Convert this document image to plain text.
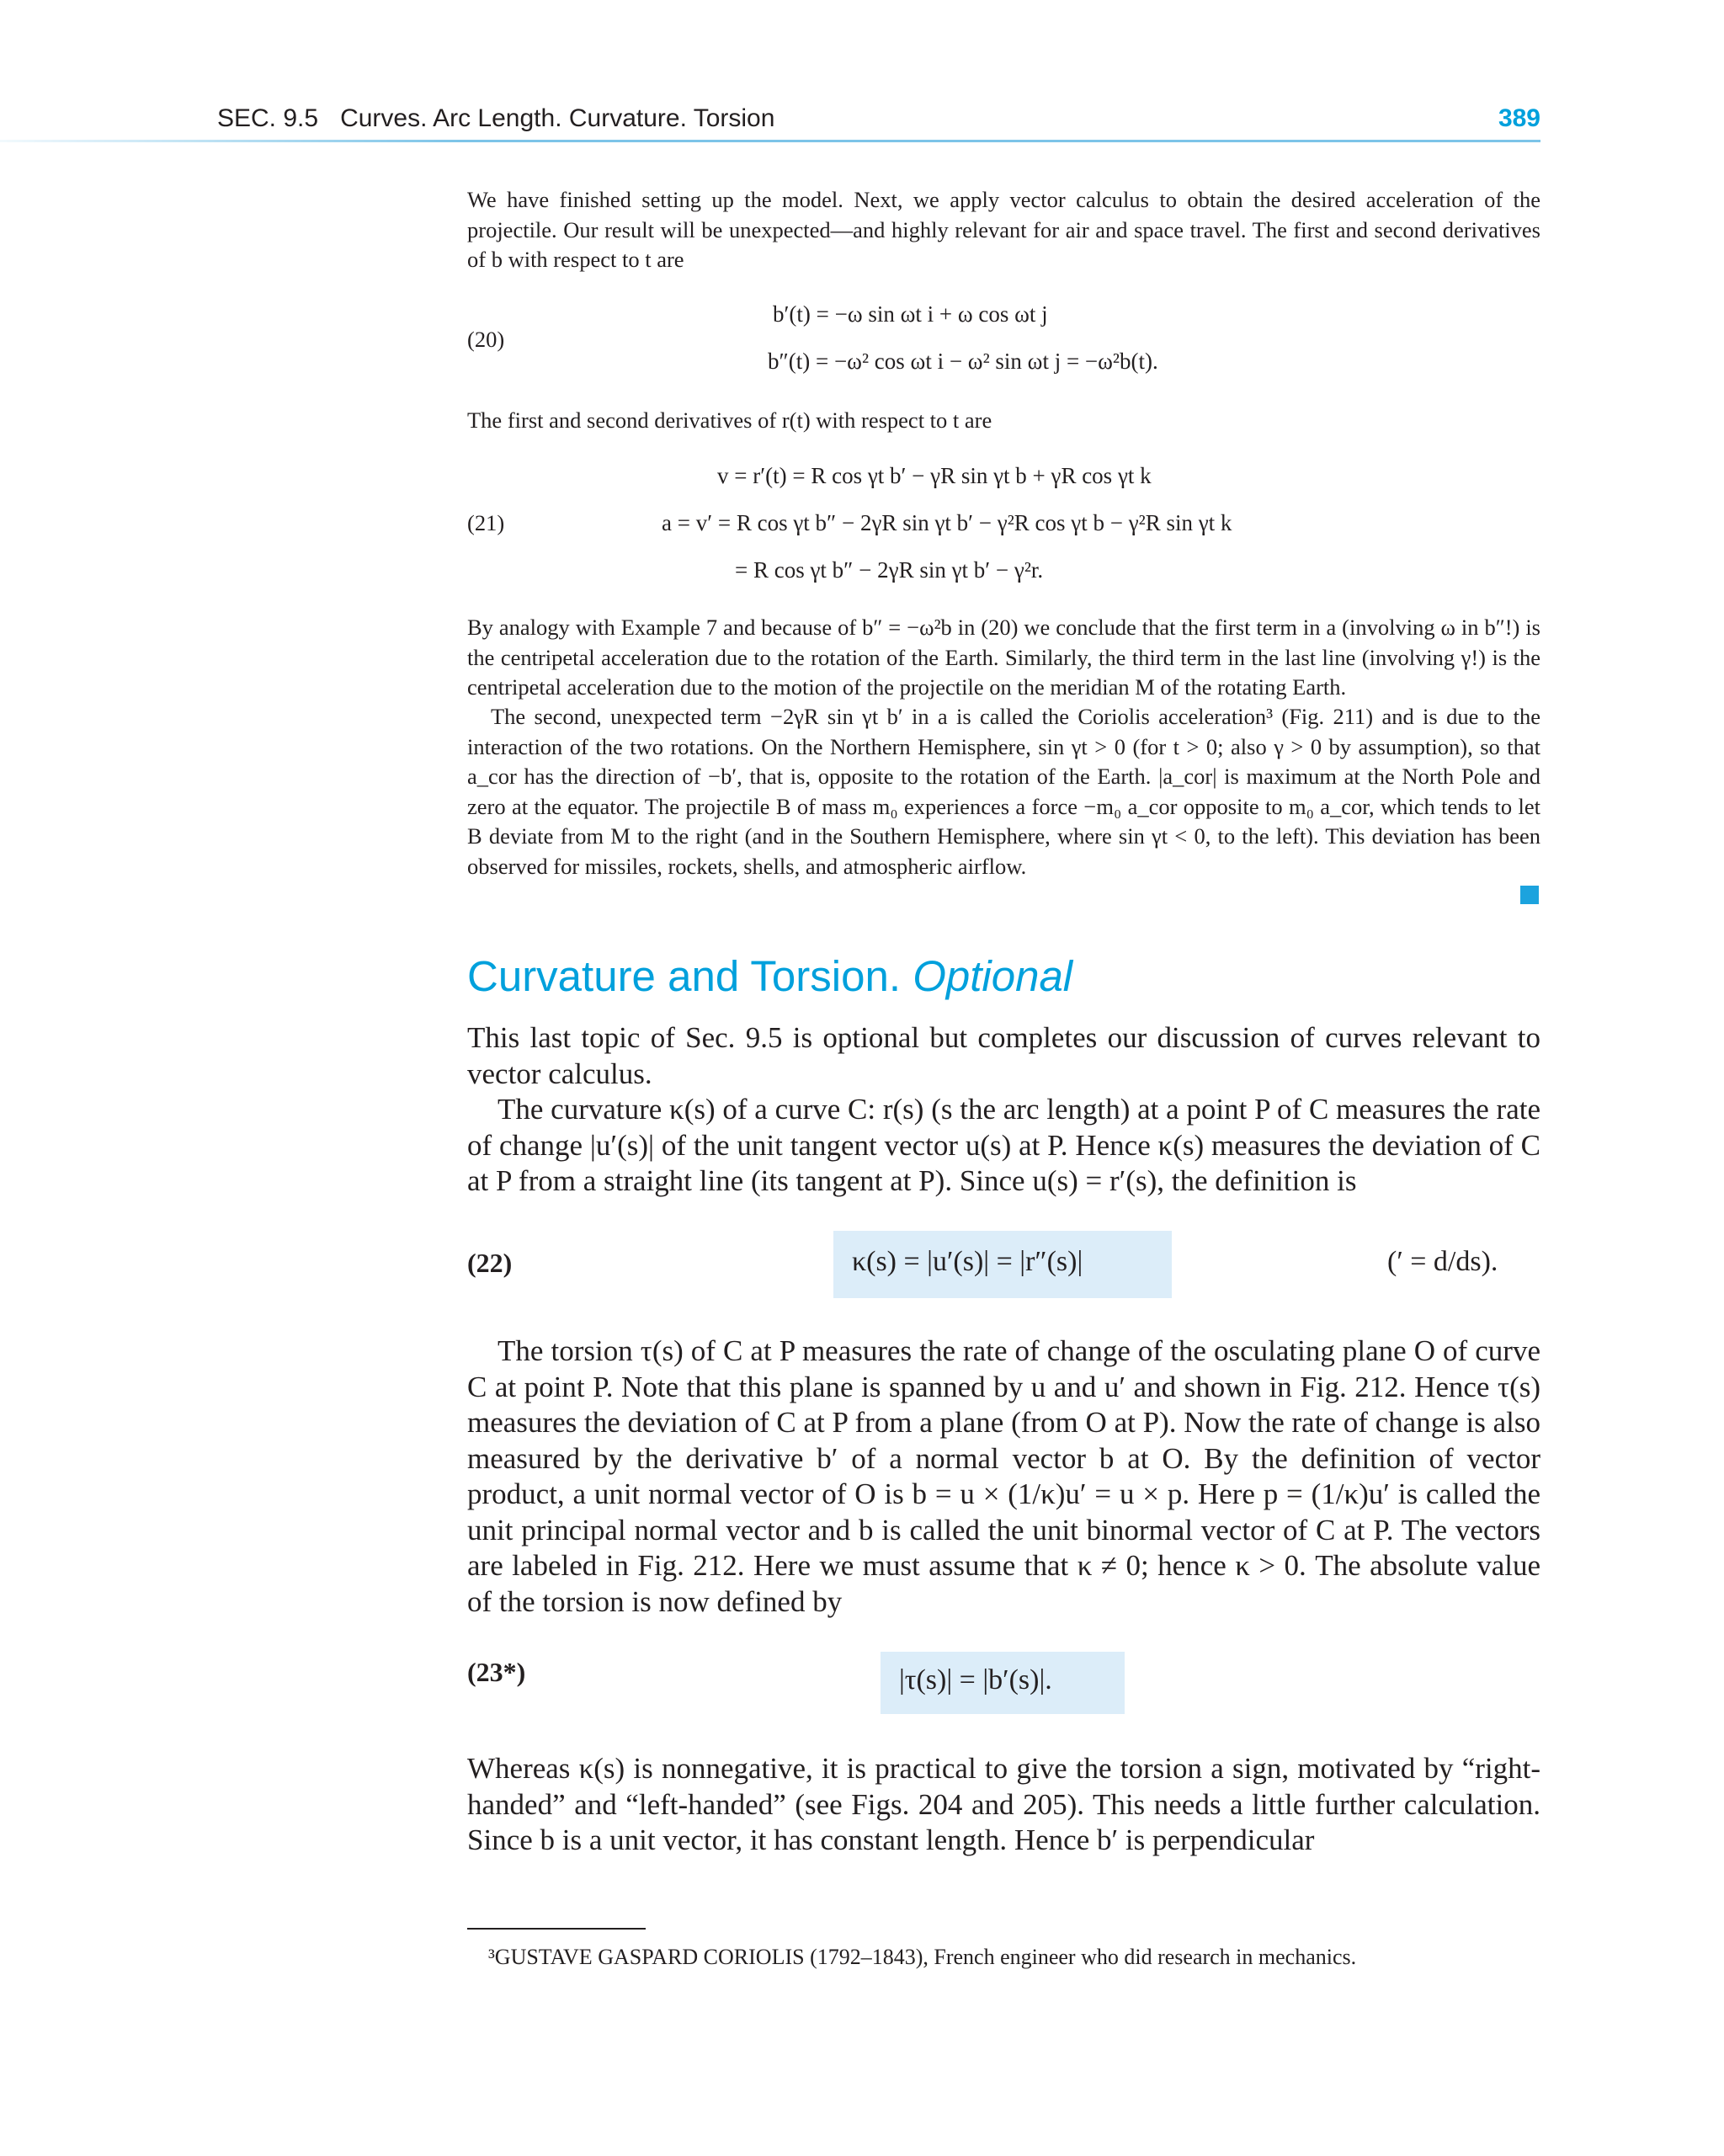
SEC. 9.5 Curves. Arc Length. Curvature. Torsion	389
We have finished setting up the model. Next, we apply vector calculus to obtain the desired acceleration of the projectile. Our result will be unexpected—and highly relevant for air and space travel. The first and second derivatives of b with respect to t are
(20)
b′(t) = −ω sin ωt i + ω cos ωt j
b″(t) = −ω² cos ωt i − ω² sin ωt j = −ω²b(t).
The first and second derivatives of r(t) with respect to t are
(21)
v = r′(t) = R cos γt b′ − γR sin γt b + γR cos γt k
a = v′ = R cos γt b″ − 2γR sin γt b′ − γ²R cos γt b − γ²R sin γt k
= R cos γt b″ − 2γR sin γt b′ − γ²r.
By analogy with Example 7 and because of b″ = −ω²b in (20) we conclude that the first term in a (involving ω in b″!) is the centripetal acceleration due to the rotation of the Earth. Similarly, the third term in the last line (involving γ!) is the centripetal acceleration due to the motion of the projectile on the meridian M of the rotating Earth.
The second, unexpected term −2γR sin γt b′ in a is called the Coriolis acceleration³ (Fig. 211) and is due to the interaction of the two rotations. On the Northern Hemisphere, sin γt > 0 (for t > 0; also γ > 0 by assumption), so that a_cor has the direction of −b′, that is, opposite to the rotation of the Earth. |a_cor| is maximum at the North Pole and zero at the equator. The projectile B of mass m₀ experiences a force −m₀ a_cor opposite to m₀ a_cor, which tends to let B deviate from M to the right (and in the Southern Hemisphere, where sin γt < 0, to the left). This deviation has been observed for missiles, rockets, shells, and atmospheric airflow.
Curvature and Torsion. Optional
This last topic of Sec. 9.5 is optional but completes our discussion of curves relevant to vector calculus.
The curvature κ(s) of a curve C: r(s) (s the arc length) at a point P of C measures the rate of change |u′(s)| of the unit tangent vector u(s) at P. Hence κ(s) measures the deviation of C at P from a straight line (its tangent at P). Since u(s) = r′(s), the definition is
(22)	κ(s) = |u′(s)| = |r″(s)|	(′ = d/ds).
The torsion τ(s) of C at P measures the rate of change of the osculating plane O of curve C at point P. Note that this plane is spanned by u and u′ and shown in Fig. 212. Hence τ(s) measures the deviation of C at P from a plane (from O at P). Now the rate of change is also measured by the derivative b′ of a normal vector b at O. By the definition of vector product, a unit normal vector of O is b = u × (1/κ)u′ = u × p. Here p = (1/κ)u′ is called the unit principal normal vector and b is called the unit binormal vector of C at P. The vectors are labeled in Fig. 212. Here we must assume that κ ≠ 0; hence κ > 0. The absolute value of the torsion is now defined by
(23*)	|τ(s)| = |b′(s)|.
Whereas κ(s) is nonnegative, it is practical to give the torsion a sign, motivated by “right-handed” and “left-handed” (see Figs. 204 and 205). This needs a little further calculation. Since b is a unit vector, it has constant length. Hence b′ is perpendicular
³GUSTAVE GASPARD CORIOLIS (1792–1843), French engineer who did research in mechanics.
